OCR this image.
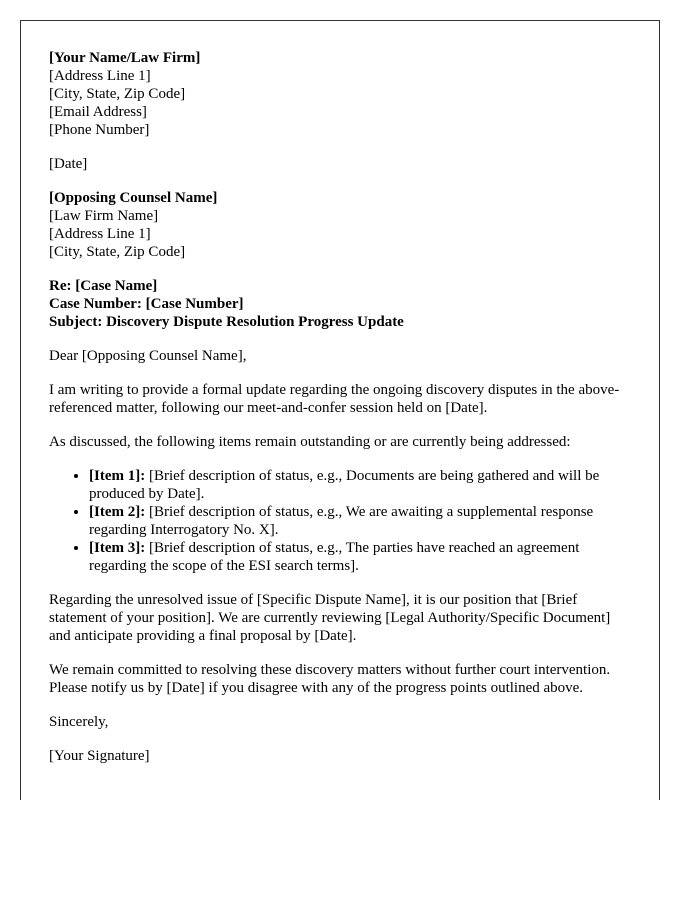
[Your Name/Law Firm]
[Address Line 1]
[City, State, Zip Code]
[Email Address]
[Phone Number]
[Date]
[Opposing Counsel Name]
[Law Firm Name]
[Address Line 1]
[City, State, Zip Code]
Re: [Case Name]
Case Number: [Case Number]
Subject: Discovery Dispute Resolution Progress Update

Dear [Opposing Counsel Name],

I am writing to provide a formal update regarding the ongoing discovery disputes in the above-referenced matter, following our meet-and-confer session held on [Date].

As discussed, the following items remain outstanding or are currently being addressed:

• [Item 1]: [Brief description of status, e.g., Documents are being gathered and will be produced by Date].
• [Item 2]: [Brief description of status, e.g., We are awaiting a supplemental response regarding Interrogatory No. X].
• [Item 3]: [Brief description of status, e.g., The parties have reached an agreement regarding the scope of the ESI search terms].

Regarding the unresolved issue of [Specific Dispute Name], it is our position that [Brief statement of your position]. We are currently reviewing [Legal Authority/Specific Document] and anticipate providing a final proposal by [Date].

We remain committed to resolving these discovery matters without further court intervention. Please notify us by [Date] if you disagree with any of the progress points outlined above.

Sincerely,

[Your Signature]
